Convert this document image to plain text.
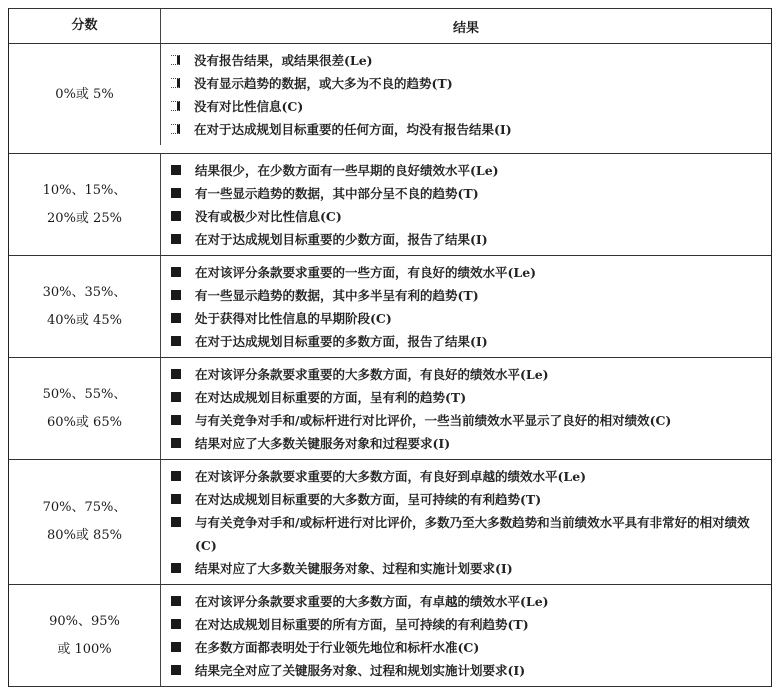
分数	结果
0%或 5%
没有报告结果，或结果很差(Le)
没有显示趋势的数据，或大多为不良的趋势(T)
没有对比性信息(C)
在对于达成规划目标重要的任何方面，均没有报告结果(I)
10%、15%、
20%或 25%
结果很少，在少数方面有一些早期的良好绩效水平(Le)
有一些显示趋势的数据，其中部分呈不良的趋势(T)
没有或极少对比性信息(C)
在对于达成规划目标重要的少数方面，报告了结果(I)
30%、35%、
40%或 45%
在对该评分条款要求重要的一些方面，有良好的绩效水平(Le)
有一些显示趋势的数据，其中多半呈有利的趋势(T)
处于获得对比性信息的早期阶段(C)
在对于达成规划目标重要的多数方面，报告了结果(I)
50%、55%、
60%或 65%
在对该评分条款要求重要的大多数方面，有良好的绩效水平(Le)
在对达成规划目标重要的方面，呈有利的趋势(T)
与有关竞争对手和/或标杆进行对比评价，一些当前绩效水平显示了良好的相对绩效(C)
结果对应了大多数关键服务对象和过程要求(I)
70%、75%、
80%或 85%
在对该评分条款要求重要的大多数方面，有良好到卓越的绩效水平(Le)
在对达成规划目标重要的大多数方面，呈可持续的有利趋势(T)
与有关竞争对手和/或标杆进行对比评价，多数乃至大多数趋势和当前绩效水平具有非常好的相对绩效(C)
结果对应了大多数关键服务对象、过程和实施计划要求(I)
90%、95%
或 100%
在对该评分条款要求重要的大多数方面，有卓越的绩效水平(Le)
在对达成规划目标重要的所有方面，呈可持续的有利趋势(T)
在多数方面都表明处于行业领先地位和标杆水准(C)
结果完全对应了关键服务对象、过程和规划实施计划要求(I)
